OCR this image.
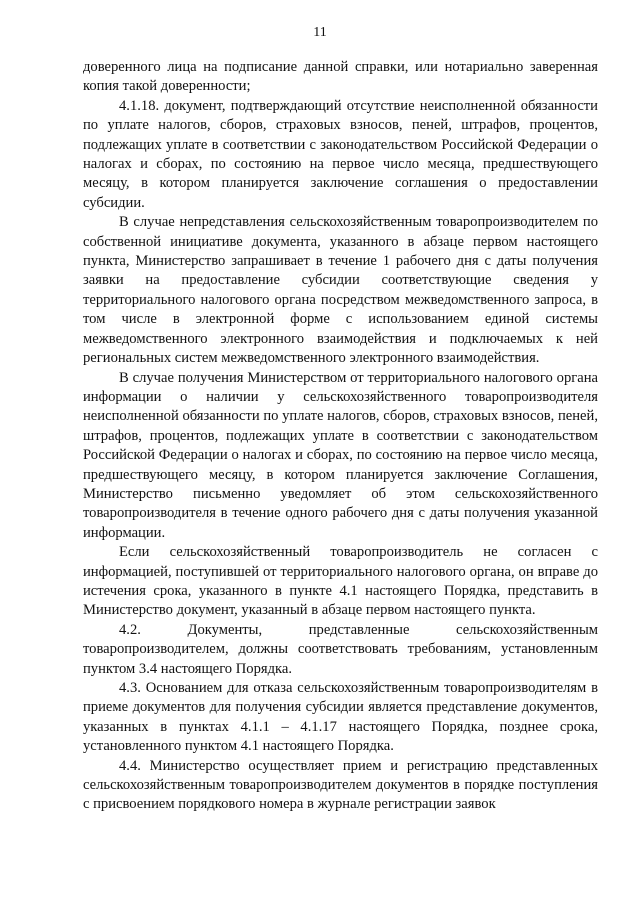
11

доверенного лица на подписание данной справки, или нотариально заверенная копия такой доверенности;

4.1.18. документ, подтверждающий отсутствие неисполненной обязанности по уплате налогов, сборов, страховых взносов, пеней, штрафов, процентов, подлежащих уплате в соответствии с законодательством Российской Федерации о налогах и сборах, по состоянию на первое число месяца, предшествующего месяцу, в котором планируется заключение соглашения о предоставлении субсидии.

В случае непредставления сельскохозяйственным товаропроизводителем по собственной инициативе документа, указанного в абзаце первом настоящего пункта, Министерство запрашивает в течение 1 рабочего дня с даты получения заявки на предоставление субсидии соответствующие сведения у территориального налогового органа посредством межведомственного запроса, в том числе в электронной форме с использованием единой системы межведомственного электронного взаимодействия и подключаемых к ней региональных систем межведомственного электронного взаимодействия.

В случае получения Министерством от территориального налогового органа информации о наличии у сельскохозяйственного товаропроизводителя неисполненной обязанности по уплате налогов, сборов, страховых взносов, пеней, штрафов, процентов, подлежащих уплате в соответствии с законодательством Российской Федерации о налогах и сборах, по состоянию на первое число месяца, предшествующего месяцу, в котором планируется заключение Соглашения, Министерство письменно уведомляет об этом сельскохозяйственного товаропроизводителя в течение одного рабочего дня с даты получения указанной информации.

Если сельскохозяйственный товаропроизводитель не согласен с информацией, поступившей от территориального налогового органа, он вправе до истечения срока, указанного в пункте 4.1 настоящего Порядка, представить в Министерство документ, указанный в абзаце первом настоящего пункта.

4.2. Документы, представленные сельскохозяйственным товаропроизводителем, должны соответствовать требованиям, установленным пунктом 3.4 настоящего Порядка.

4.3. Основанием для отказа сельскохозяйственным товаропроизводителям в приеме документов для получения субсидии является представление документов, указанных в пунктах 4.1.1 – 4.1.17 настоящего Порядка, позднее срока, установленного пунктом 4.1 настоящего Порядка.

4.4. Министерство осуществляет прием и регистрацию представленных сельскохозяйственным товаропроизводителем документов в порядке поступления с присвоением порядкового номера в журнале регистрации заявок
